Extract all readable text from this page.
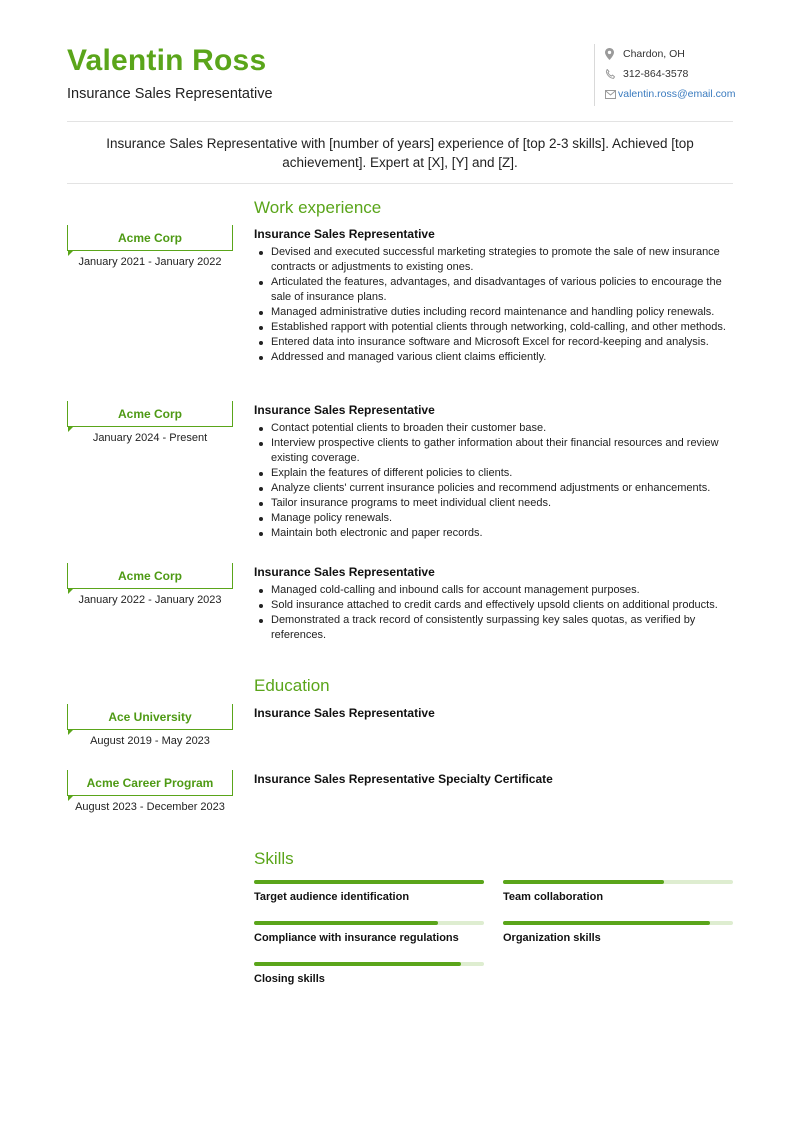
Valentin Ross
Insurance Sales Representative
Chardon, OH
312-864-3578
valentin.ross@email.com
Insurance Sales Representative with [number of years] experience of [top 2-3 skills]. Achieved [top achievement]. Expert at [X], [Y] and [Z].
Work experience
Acme Corp
January 2021 - January 2022
Insurance Sales Representative
Devised and executed successful marketing strategies to promote the sale of new insurance contracts or adjustments to existing ones.
Articulated the features, advantages, and disadvantages of various policies to encourage the sale of insurance plans.
Managed administrative duties including record maintenance and handling policy renewals.
Established rapport with potential clients through networking, cold-calling, and other methods.
Entered data into insurance software and Microsoft Excel for record-keeping and analysis.
Addressed and managed various client claims efficiently.
Acme Corp
January 2024 - Present
Insurance Sales Representative
Contact potential clients to broaden their customer base.
Interview prospective clients to gather information about their financial resources and review existing coverage.
Explain the features of different policies to clients.
Analyze clients' current insurance policies and recommend adjustments or enhancements.
Tailor insurance programs to meet individual client needs.
Manage policy renewals.
Maintain both electronic and paper records.
Acme Corp
January 2022 - January 2023
Insurance Sales Representative
Managed cold-calling and inbound calls for account management purposes.
Sold insurance attached to credit cards and effectively upsold clients on additional products.
Demonstrated a track record of consistently surpassing key sales quotas, as verified by references.
Education
Ace University
August 2019 - May 2023
Insurance Sales Representative
Acme Career Program
August 2023 - December 2023
Insurance Sales Representative Specialty Certificate
Skills
Target audience identification	Team collaboration
Compliance with insurance regulations	Organization skills
Closing skills
